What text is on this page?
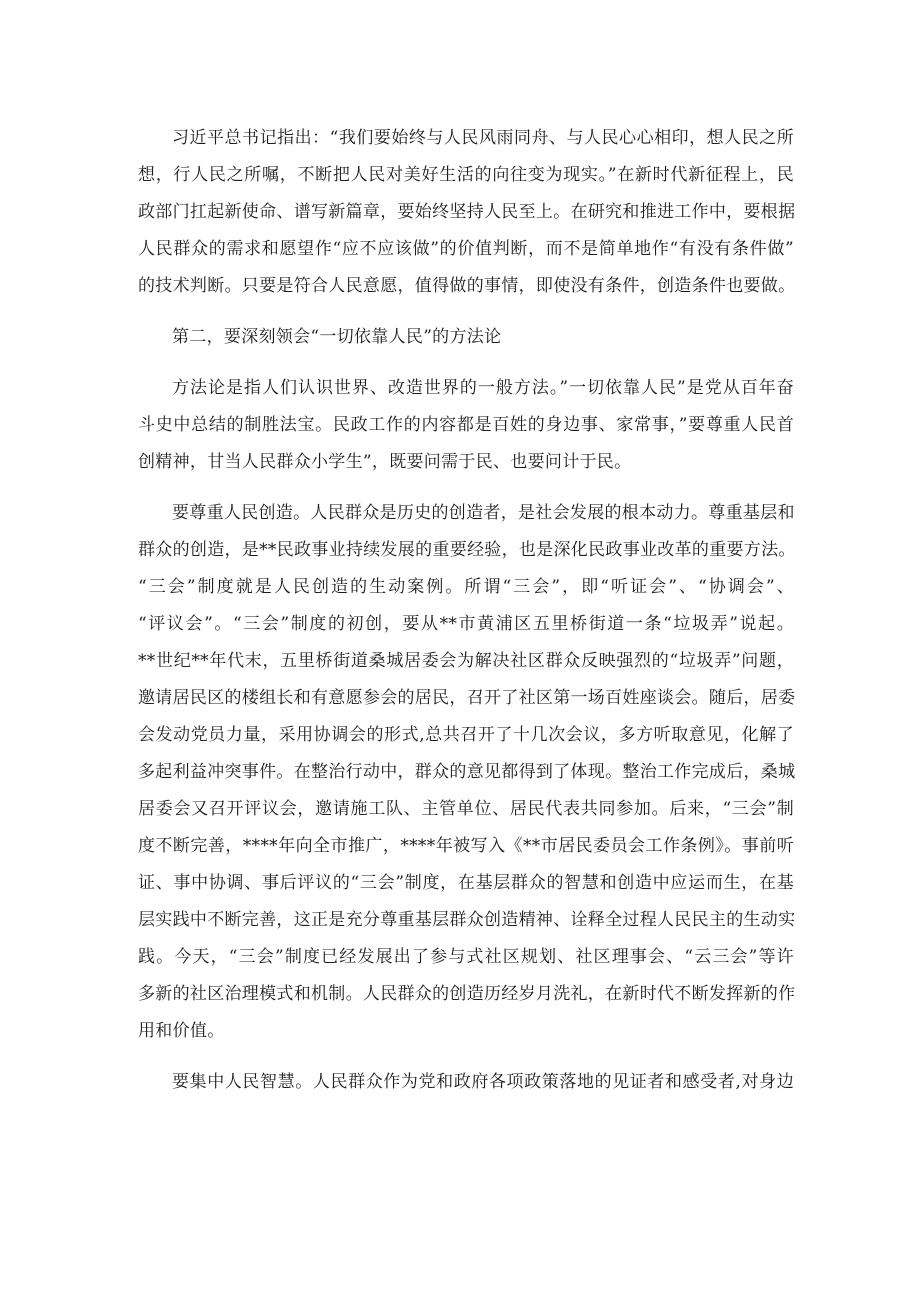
习近平总书记指出：“我们要始终与人民风雨同舟、与人民心心相印，想人民之所
想，行人民之所嘱，不断把人民对美好生活的向往变为现实。”在新时代新征程上，民
政部门扛起新使命、谱写新篇章，要始终坚持人民至上。在研究和推进工作中，要根据
人民群众的需求和愿望作“应不应该做”的价值判断，而不是简单地作“有没有条件做”
的技术判断。只要是符合人民意愿，值得做的事情，即使没有条件，创造条件也要做。
第二，要深刻领会“一切依靠人民”的方法论
方法论是指人们认识世界、改造世界的一般方法。”一切依靠人民”是党从百年奋
斗史中总结的制胜法宝。民政工作的内容都是百姓的身边事、家常事，”要尊重人民首
创精神，甘当人民群众小学生”，既要问需于民、也要问计于民。
要尊重人民创造。人民群众是历史的创造者，是社会发展的根本动力。尊重基层和
群众的创造，是**民政事业持续发展的重要经验，也是深化民政事业改革的重要方法。
“三会”制度就是人民创造的生动案例。所谓“三会”，即“听证会”、“协调会”、
“评议会”。“三会”制度的初创，要从**市黄浦区五里桥街道一条“垃圾弄”说起。
**世纪**年代末，五里桥街道桑城居委会为解决社区群众反映强烈的“垃圾弄”问题，
邀请居民区的楼组长和有意愿参会的居民，召开了社区第一场百姓座谈会。随后，居委
会发动党员力量，采用协调会的形式,总共召开了十几次会议，多方听取意见，化解了
多起利益冲突事件。在整治行动中，群众的意见都得到了体现。整治工作完成后，桑城
居委会又召开评议会，邀请施工队、主管单位、居民代表共同参加。后来，“三会”制
度不断完善，****年向全市推广，****年被写入《**市居民委员会工作条例》。事前听
证、事中协调、事后评议的“三会”制度，在基层群众的智慧和创造中应运而生，在基
层实践中不断完善，这正是充分尊重基层群众创造精神、诠释全过程人民民主的生动实
践。今天，“三会”制度已经发展出了参与式社区规划、社区理事会、“云三会”等许
多新的社区治理模式和机制。人民群众的创造历经岁月洗礼，在新时代不断发挥新的作
用和价值。
要集中人民智慧。人民群众作为党和政府各项政策落地的见证者和感受者,对身边
